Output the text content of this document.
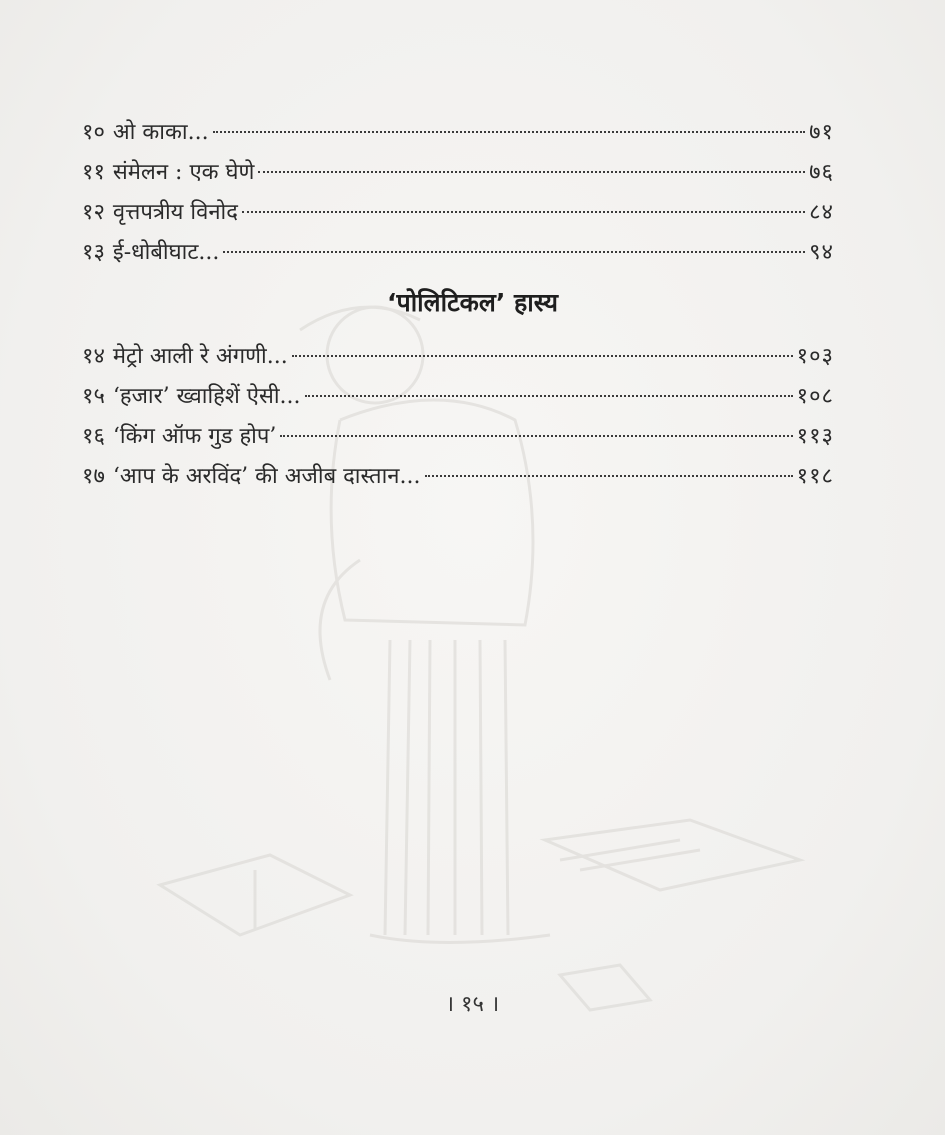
१० ओ काका...	७१
११ संमेलन : एक घेणे	७६
१२ वृत्तपत्रीय विनोद	८४
१३ ई-धोबीघाट...	९४
‘पोलिटिकल’ हास्य
१४ मेट्रो आली रे अंगणी...	१०३
१५ ‘हजार’ ख्वाहिशें ऐसी...	१०८
१६ ‘किंग ऑफ गुड होप’	११३
१७ ‘आप के अरविंद’ की अजीब दास्तान...	११८
। १५ ।
